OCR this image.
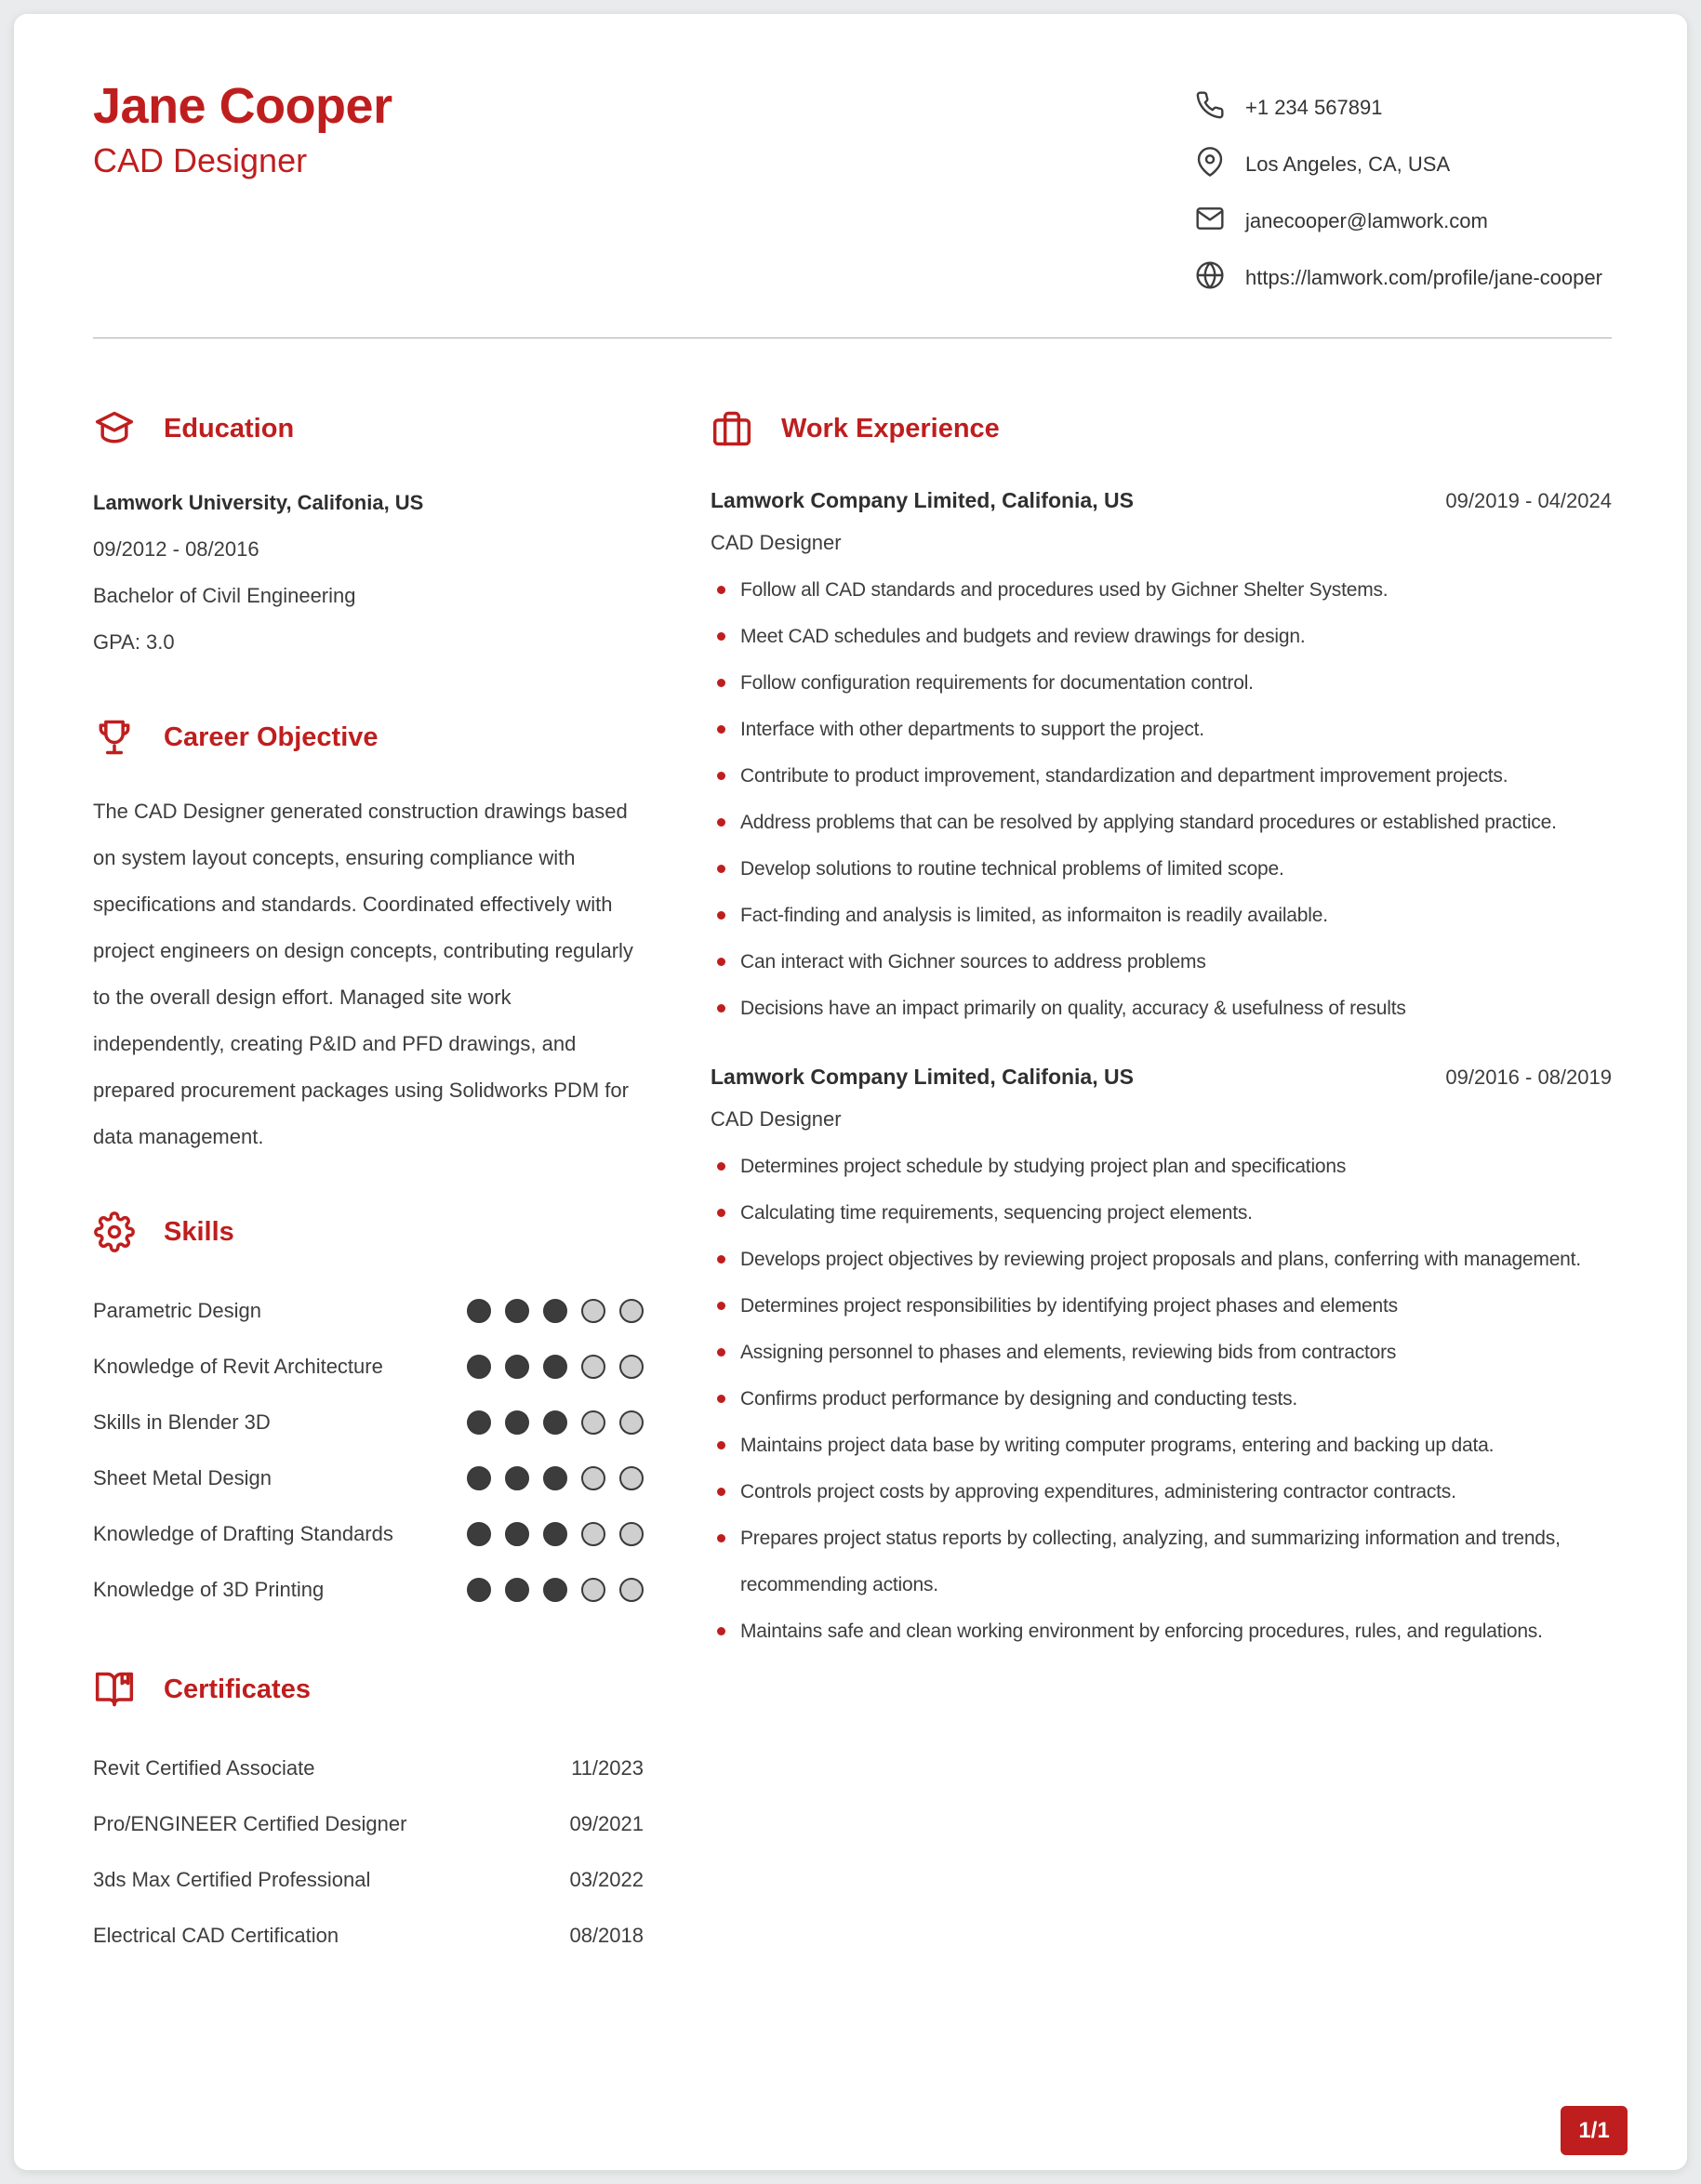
Jane Cooper
CAD Designer
+1 234 567891
Los Angeles, CA, USA
janecooper@lamwork.com
https://lamwork.com/profile/jane-cooper
Education
Lamwork University, Califonia, US
09/2012 - 08/2016
Bachelor of Civil Engineering
GPA: 3.0
Career Objective

The CAD Designer generated construction drawings based on system layout concepts, ensuring compliance with specifications and standards. Coordinated effectively with project engineers on design concepts, contributing regularly to the overall design effort. Managed site work independently, creating P&ID and PFD drawings, and prepared procurement packages using Solidworks PDM for data management.

Skills
Parametric Design
Knowledge of Revit Architecture
Skills in Blender 3D
Sheet Metal Design
Knowledge of Drafting Standards
Knowledge of 3D Printing
Certificates
Revit Certified Associate	11/2023
Pro/ENGINEER Certified Designer	09/2021
3ds Max Certified Professional	03/2022
Electrical CAD Certification	08/2018
Work Experience
Lamwork Company Limited, Califonia, US	09/2019 - 04/2024
CAD Designer
Follow all CAD standards and procedures used by Gichner Shelter Systems.
Meet CAD schedules and budgets and review drawings for design.
Follow configuration requirements for documentation control.
Interface with other departments to support the project.
Contribute to product improvement, standardization and department improvement projects.
Address problems that can be resolved by applying standard procedures or established practice.
Develop solutions to routine technical problems of limited scope.
Fact-finding and analysis is limited, as informaiton is readily available.
Can interact with Gichner sources to address problems
Decisions have an impact primarily on quality, accuracy & usefulness of results
Lamwork Company Limited, Califonia, US	09/2016 - 08/2019
CAD Designer
Determines project schedule by studying project plan and specifications
Calculating time requirements, sequencing project elements.
Develops project objectives by reviewing project proposals and plans, conferring with management.
Determines project responsibilities by identifying project phases and elements
Assigning personnel to phases and elements, reviewing bids from contractors
Confirms product performance by designing and conducting tests.
Maintains project data base by writing computer programs, entering and backing up data.
Controls project costs by approving expenditures, administering contractor contracts.
Prepares project status reports by collecting, analyzing, and summarizing information and trends, recommending actions.
Maintains safe and clean working environment by enforcing procedures, rules, and regulations.
1/1
